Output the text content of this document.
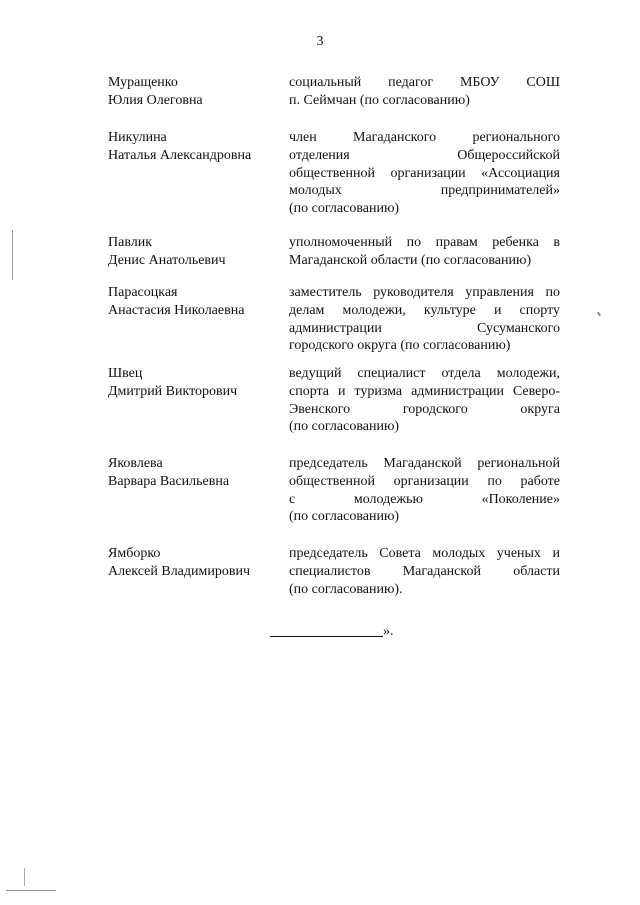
3
Муращенко
Юлия Олеговна
социальный педагог МБОУ СОШ
п. Сеймчан (по согласованию)
Никулина
Наталья Александровна
член Магаданского регионального
отделения Общероссийской
общественной организации «Ассоциация
молодых предпринимателей»
(по согласованию)
Павлик
Денис Анатольевич
уполномоченный по правам ребенка в
Магаданской области (по согласованию)
Парасоцкая
Анастасия Николаевна
заместитель руководителя управления по
делам молодежи, культуре и спорту
администрации Сусуманского
городского округа (по согласованию)
Швец
Дмитрий Викторович
ведущий специалист отдела молодежи,
спорта и туризма администрации Северо-
Эвенского городского округа
(по согласованию)
Яковлева
Варвара Васильевна
председатель Магаданской региональной
общественной организации по работе
с молодежью «Поколение»
(по согласованию)
Ямборко
Алексей Владимирович
председатель Совета молодых ученых и
специалистов Магаданской области
(по согласованию).
».
